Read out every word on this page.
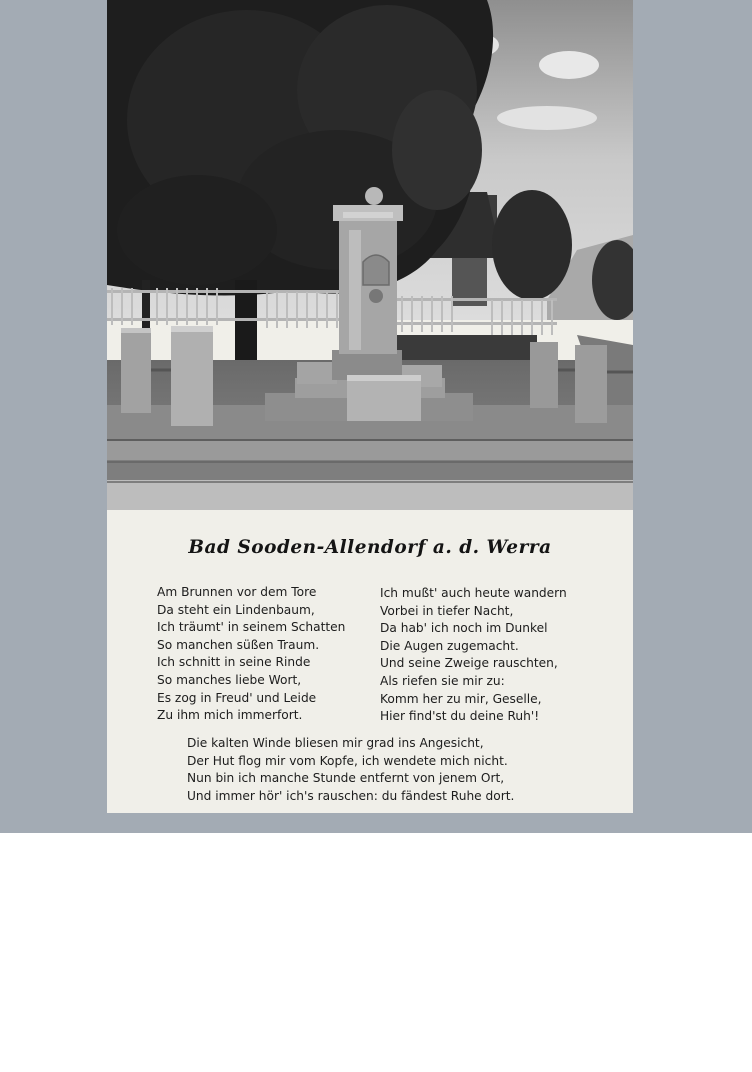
Bad Sooden-Allendorf a. d. Werra
Am Brunnen vor dem Tore
Da steht ein Lindenbaum,
Ich träumt' in seinem Schatten
So manchen süßen Traum.
Ich schnitt in seine Rinde
So manches liebe Wort,
Es zog in Freud' und Leide
Zu ihm mich immerfort.
Ich mußt' auch heute wandern
Vorbei in tiefer Nacht,
Da hab' ich noch im Dunkel
Die Augen zugemacht.
Und seine Zweige rauschten,
Als riefen sie mir zu:
Komm her zu mir, Geselle,
Hier find'st du deine Ruh'!
Die kalten Winde bliesen mir grad ins Angesicht,
Der Hut flog mir vom Kopfe, ich wendete mich nicht.
Nun bin ich manche Stunde entfernt von jenem Ort,
Und immer hör' ich's rauschen: du fändest Ruhe dort.
